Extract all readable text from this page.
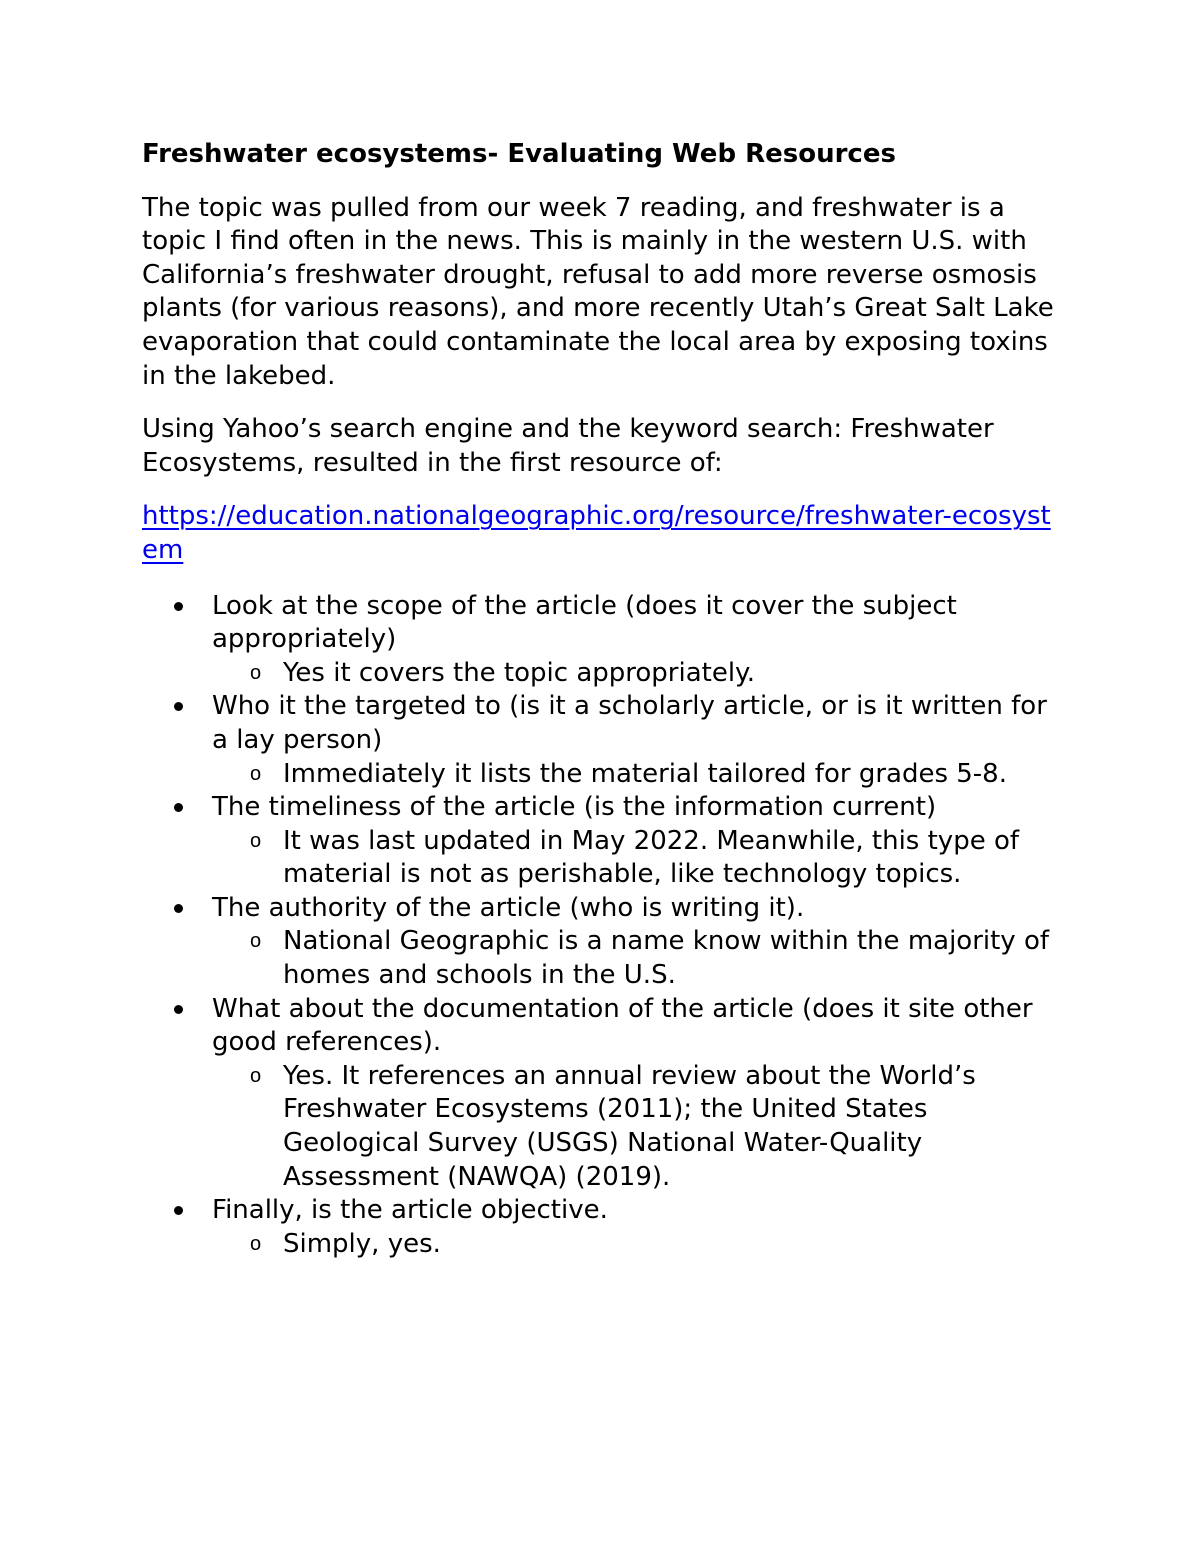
Freshwater ecosystems- Evaluating Web Resources
The topic was pulled from our week 7 reading, and freshwater is a topic I find often in the news. This is mainly in the western U.S. with California’s freshwater drought, refusal to add more reverse osmosis plants (for various reasons), and more recently Utah’s Great Salt Lake evaporation that could contaminate the local area by exposing toxins in the lakebed.
Using Yahoo’s search engine and the keyword search: Freshwater Ecosystems, resulted in the first resource of:
https://education.nationalgeographic.org/resource/freshwater-ecosystem
Look at the scope of the article (does it cover the subject appropriately)
o Yes it covers the topic appropriately.
Who it the targeted to (is it a scholarly article, or is it written for a lay person)
o Immediately it lists the material tailored for grades 5-8.
The timeliness of the article (is the information current)
o It was last updated in May 2022. Meanwhile, this type of material is not as perishable, like technology topics.
The authority of the article (who is writing it).
o National Geographic is a name know within the majority of homes and schools in the U.S.
What about the documentation of the article (does it site other good references).
o Yes. It references an annual review about the World’s Freshwater Ecosystems (2011); the United States Geological Survey (USGS) National Water-Quality Assessment (NAWQA) (2019).
Finally, is the article objective.
o Simply, yes.
